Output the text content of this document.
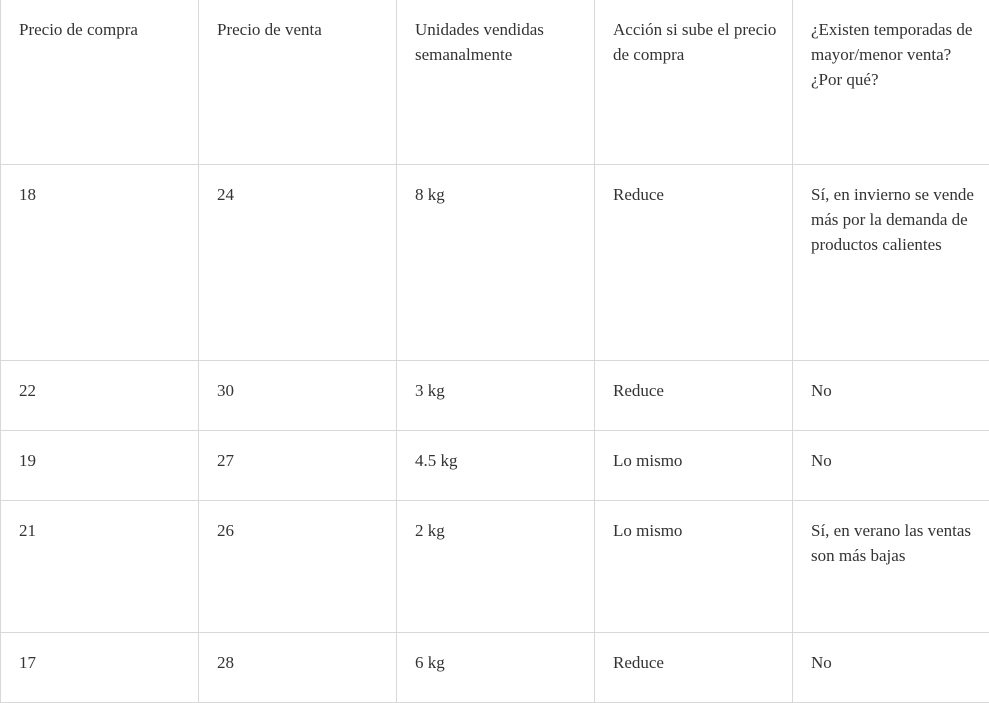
Precio de compra	Precio de venta	Unidades vendidas semanalmente	Acción si sube el precio de compra	¿Existen temporadas de mayor/menor venta? ¿Por qué?
18	24	8 kg	Reduce	Sí, en invierno se vende más por la demanda de productos calientes
22	30	3 kg	Reduce	No
19	27	4.5 kg	Lo mismo	No
21	26	2 kg	Lo mismo	Sí, en verano las ventas son más bajas
17	28	6 kg	Reduce	No
